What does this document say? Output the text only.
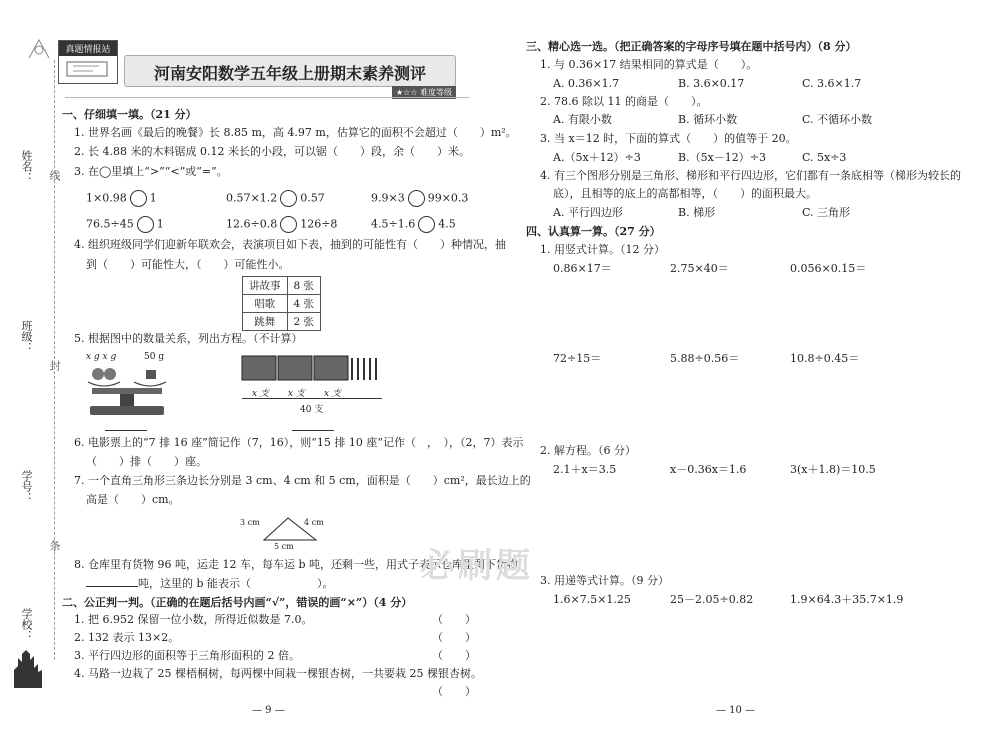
姓名： 线
班级：
封
学号：
条
学校：
真题情报站
河南安阳数学五年级上册期末素养测评
★☆☆ 难度等级
一、仔细填一填。（21 分）
1. 世界名画《最后的晚餐》长 8.85 m，高 4.97 m，估算它的面积不会超过（　　）m²。
2. 长 4.88 米的木料锯成 0.12 米长的小段，可以锯（　　）段，余（　　）米。
3. 在◯里填上“>”“<”或“=”。
1×0.98 1	0.57×1.2 0.57	9.9×3 99×0.3
76.5÷45 1	12.6÷0.8 126÷8	4.5÷1.6 4.5
4. 组织班级同学们迎新年联欢会，表演项目如下表，抽到的可能性有（　　）种情况，抽
到（　　）可能性大，（　　）可能性小。
讲故事	8 张
唱歌	4 张
跳舞	2 张
5. 根据图中的数量关系，列出方程。（不计算）
x g x g	50 g
x 支 x 支 x 支
40 支
6. 电影票上的“7 排 16 座”简记作（7，16），则“15 排 10 座”记作（　，　），（2，7）表示
（　　）排（　　）座。
7. 一个直角三角形三条边长分别是 3 cm、4 cm 和 5 cm，面积是（　　）cm²，最长边上的
高是（　　）cm。
3 cm	4 cm
5 cm
8. 仓库里有货物 96 吨，运走 12 车，每车运 b 吨，还剩一些，用式子表示仓库里剩下货物
吨，这里的 b 能表示（　　　　　　）。
二、公正判一判。（正确的在题后括号内画“√”，错误的画“×”）（4 分）
1. 把 6.952 保留一位小数，所得近似数是 7.0。	（　　）
2. 132 表示 13×2。	（　　）
3. 平行四边形的面积等于三角形面积的 2 倍。	（　　）
4. 马路一边栽了 25 棵梧桐树，每两棵中间栽一棵银杏树，一共要栽 25 棵银杏树。
（　　）
— 9 —
必刷题
三、精心选一选。（把正确答案的字母序号填在题中括号内）（8 分）
1. 与 0.36×17 结果相同的算式是（　　）。
A. 0.36×1.7	B. 3.6×0.17	C. 3.6×1.7
2. 78.6 除以 11 的商是（　　）。
A. 有限小数	B. 循环小数	C. 不循环小数
3. 当 x＝12 时，下面的算式（　　）的值等于 20。
A.（5x＋12）÷3	B.（5x－12）÷3	C. 5x÷3
4. 有三个图形分别是三角形、梯形和平行四边形，它们都有一条底相等（梯形为较长的
底），且相等的底上的高都相等，（　　）的面积最大。
A. 平行四边形	B. 梯形	C. 三角形
四、认真算一算。（27 分）
1. 用竖式计算。（12 分）
0.86×17＝	2.75×40＝	0.056×0.15＝
72÷15＝	5.88÷0.56＝	10.8÷0.45＝
2. 解方程。（6 分）
2.1＋x＝3.5	x－0.36x＝1.6	3(x＋1.8)＝10.5
3. 用递等式计算。（9 分）
1.6×7.5×1.25	25－2.05÷0.82	1.9×64.3＋35.7×1.9
— 10 —
